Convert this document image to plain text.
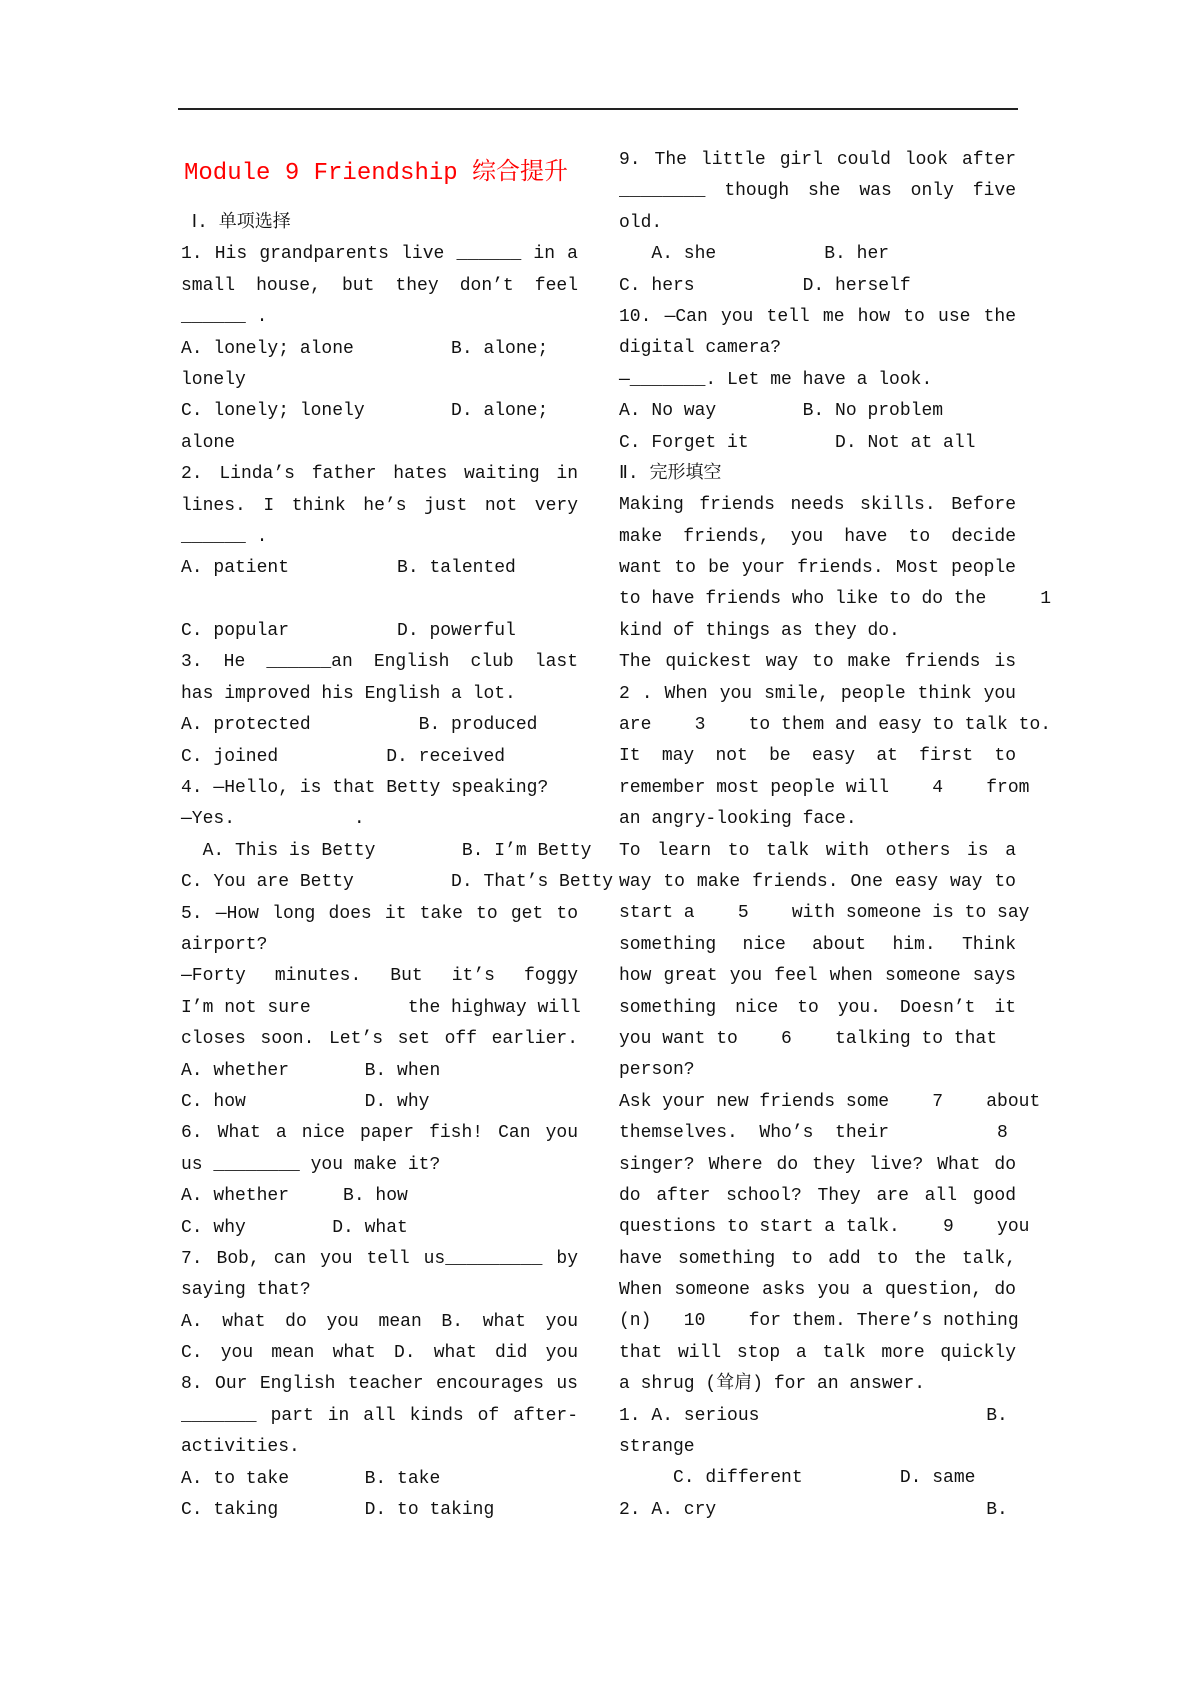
Module 9 Friendship 综合提升
Ⅰ. 单项选择
1. His grandparents live ______ in a
small house, but they don’t feel
______ .
A. lonely; alone         B. alone;
lonely
C. lonely; lonely        D. alone;
alone
2. Linda’s father hates waiting in
lines. I think he’s just not very
______ .
A. patient          B. talented
C. popular          D. powerful
3. He ______an English club last
has improved his English a lot.
A. protected          B. produced
C. joined          D. received
4. —Hello, is that Betty speaking?
—Yes.           .
A. This is Betty        B. I’m Betty
C. You are Betty         D. That’s Betty
5. —How long does it take to get to
airport?
—Forty minutes. But it’s foggy
I’m not sure         the highway will
closes soon. Let’s set off earlier.
A. whether       B. when
C. how           D. why
6. What a nice paper fish! Can you
us ________ you make it?
A. whether     B. how
C. why        D. what
7. Bob, can you tell us_________ by
saying that?
A. what do you mean B. what you
C. you mean what D. what did you
8. Our English teacher encourages us
_______ part in all kinds of after-
activities.
A. to take       B. take
C. taking        D. to taking
9. The little girl could look after
________ though she was only five
old.
A. she          B. her
C. hers          D. herself
10. —Can you tell me how to use the
digital camera?
—_______. Let me have a look.
A. No way        B. No problem
C. Forget it        D. Not at all
Ⅱ. 完形填空
Making friends needs skills. Before
make friends, you have to decide
want to be your friends. Most people
to have friends who like to do the     1
kind of things as they do.
The quickest way to make friends is
2 . When you smile, people think you
are    3    to them and easy to talk to.
It may not be easy at first to
remember most people will    4    from
an angry-looking face.
To learn to talk with others is a
way to make friends. One easy way to
start a    5    with someone is to say
something nice about him. Think
how great you feel when someone says
something nice to you. Doesn’t it
you want to    6    talking to that
person?
Ask your new friends some    7    about
themselves.  Who’s  their          8
singer? Where do they live? What do
do after school? They are all good
questions to start a talk.    9    you
have something to add to the talk,
When someone asks you a question, do
(n)   10    for them. There’s nothing
that will stop a talk more quickly
a shrug (耸肩) for an answer.
1. A. serious                     B.
strange
C. different         D. same
2. A. cry                         B.
